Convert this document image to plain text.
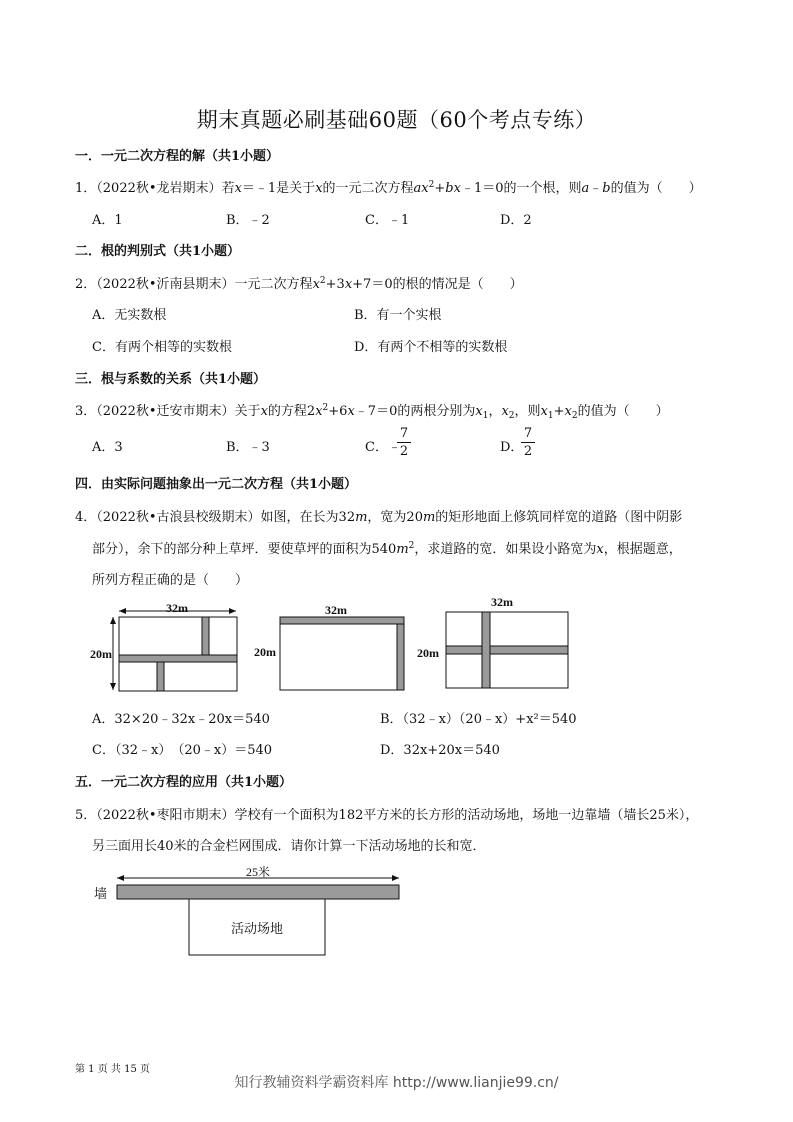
期末真题必刷基础60题（60个考点专练）
一．一元二次方程的解（共1小题）
1．（2022秋•龙岩期末）若x＝﹣1是关于x的一元二次方程$ax^2+bx﹣1=0$的一个根，则a﹣b的值为（　　）
A．1	B．﹣2	C．﹣1	D．2
二．根的判别式（共1小题）
2．（2022秋•沂南县期末）一元二次方程$x^2+3x+7=0$的根的情况是（　　）
A．无实数根	B．有一个实根
C．有两个相等的实数根	D．有两个不相等的实数根
三．根与系数的关系（共1小题）
3．（2022秋•迁安市期末）关于x的方程$2x^2+6x﹣7=0$的两根分别为$x_1$，$x_2$，则$x_1+x_2$的值为（　　）
A．3	B．﹣3	C．﹣
7
2	D．
7
2
四．由实际问题抽象出一元二次方程（共1小题）
4．（2022秋•古浪县校级期末）如图，在长为32m，宽为20m的矩形地面上修筑同样宽的道路（图中阴影
部分），余下的部分种上草坪．要使草坪的面积为$540m^2$，求道路的宽．如果设小路宽为x，根据题意，
所列方程正确的是（　　）
32m
20m
32m
20m
32m
20m
A．32×20﹣32x﹣20x＝540	B．（32﹣x）（20﹣x）+x²＝540
C．（32﹣x）　（20﹣x）＝540	D．32x+20x＝540
五．一元二次方程的应用（共1小题）
5．（2022秋•枣阳市期末）学校有一个面积为182平方米的长方形的活动场地，场地一边靠墙（墙长25米），
另三面用长40米的合金栏网围成．请你计算一下活动场地的长和宽．
墙
25米
活动场地
第 1 页 共 15 页
知行教辅资料学霸资料库 http://www.lianjie99.cn/
